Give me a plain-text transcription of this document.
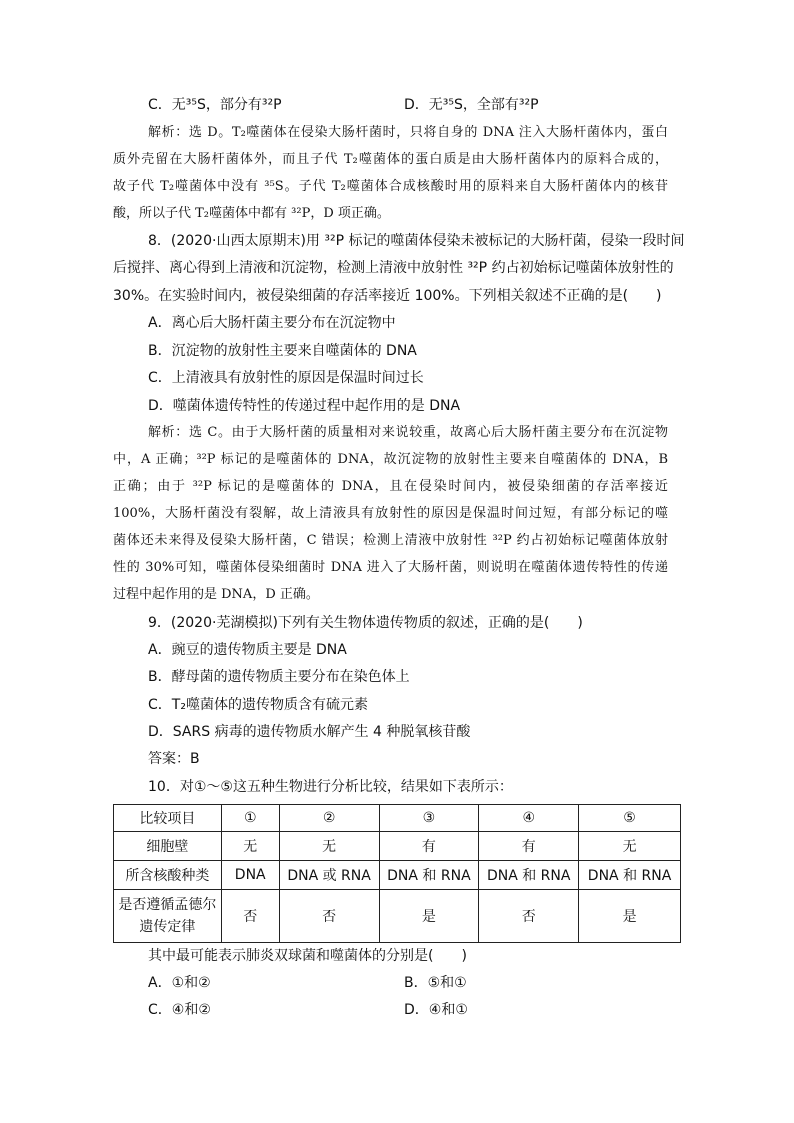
C．无³⁵S，部分有³²P	D．无³⁵S，全部有³²P
解析：选 D。T₂噬菌体在侵染大肠杆菌时，只将自身的 DNA 注入大肠杆菌体内，蛋白
质外壳留在大肠杆菌体外，而且子代 T₂噬菌体的蛋白质是由大肠杆菌体内的原料合成的，
故子代 T₂噬菌体中没有 ³⁵S。子代 T₂噬菌体合成核酸时用的原料来自大肠杆菌体内的核苷
酸，所以子代 T₂噬菌体中都有 ³²P，D 项正确。
8．(2020·山西太原期末)用 ³²P 标记的噬菌体侵染未被标记的大肠杆菌，侵染一段时间
后搅拌、离心得到上清液和沉淀物，检测上清液中放射性 ³²P 约占初始标记噬菌体放射性的
30%。在实验时间内，被侵染细菌的存活率接近 100%。下列相关叙述不正确的是(　　)
A．离心后大肠杆菌主要分布在沉淀物中
B．沉淀物的放射性主要来自噬菌体的 DNA
C．上清液具有放射性的原因是保温时间过长
D．噬菌体遗传特性的传递过程中起作用的是 DNA
解析：选 C。由于大肠杆菌的质量相对来说较重，故离心后大肠杆菌主要分布在沉淀物
中，A 正确；³²P 标记的是噬菌体的 DNA，故沉淀物的放射性主要来自噬菌体的 DNA，B
正确；由于 ³²P 标记的是噬菌体的 DNA，且在侵染时间内，被侵染细菌的存活率接近
100%，大肠杆菌没有裂解，故上清液具有放射性的原因是保温时间过短，有部分标记的噬
菌体还未来得及侵染大肠杆菌，C 错误；检测上清液中放射性 ³²P 约占初始标记噬菌体放射
性的 30%可知，噬菌体侵染细菌时 DNA 进入了大肠杆菌，则说明在噬菌体遗传特性的传递
过程中起作用的是 DNA，D 正确。
9．(2020·芜湖模拟)下列有关生物体遗传物质的叙述，正确的是(　　)
A．豌豆的遗传物质主要是 DNA
B．酵母菌的遗传物质主要分布在染色体上
C．T₂噬菌体的遗传物质含有硫元素
D．SARS 病毒的遗传物质水解产生 4 种脱氧核苷酸
答案：B
10．对①～⑤这五种生物进行分析比较，结果如下表所示：
比较项目	①	②	③	④	⑤
细胞壁	无	无	有	有	无
所含核酸种类	DNA	DNA 或 RNA	DNA 和 RNA	DNA 和 RNA	DNA 和 RNA
是否遵循孟德尔遗传定律	否	否	是	否	是
其中最可能表示肺炎双球菌和噬菌体的分别是(　　)
A．①和②	B．⑤和①
C．④和②	D．④和①
